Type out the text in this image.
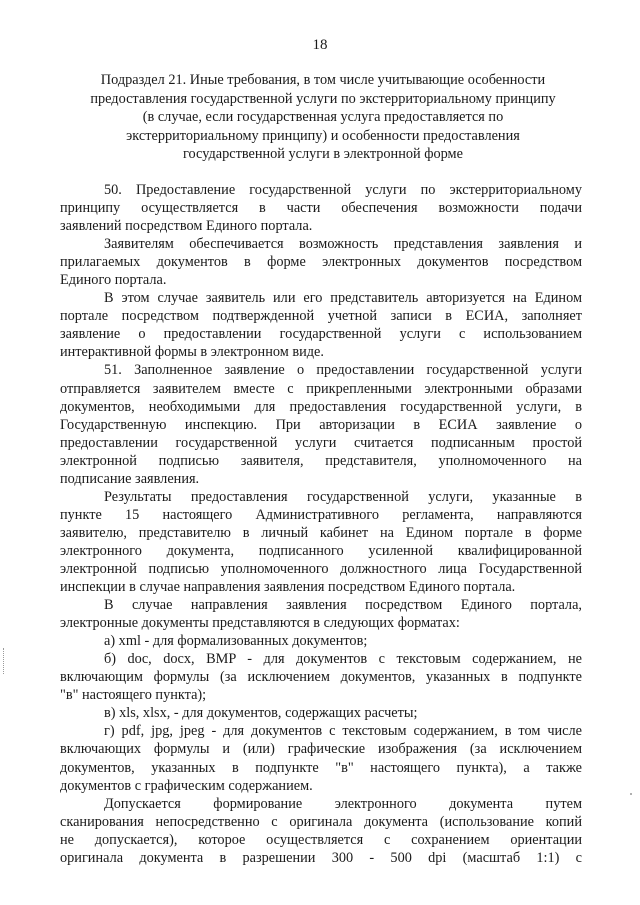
18
Подраздел 21. Иные требования, в том числе учитывающие особенности
предоставления государственной услуги по экстерриториальному принципу
(в случае, если государственная услуга предоставляется по
экстерриториальному принципу) и особенности предоставления
государственной услуги в электронной форме
50. Предоставление государственной услуги по экстерриториальному
принципу осуществляется в части обеспечения возможности подачи
заявлений посредством Единого портала.
Заявителям обеспечивается возможность представления заявления и
прилагаемых документов в форме электронных документов посредством
Единого портала.
В этом случае заявитель или его представитель авторизуется на Едином
портале посредством подтвержденной учетной записи в ЕСИА, заполняет
заявление о предоставлении государственной услуги с использованием
интерактивной формы в электронном виде.
51. Заполненное заявление о предоставлении государственной услуги
отправляется заявителем вместе с прикрепленными электронными образами
документов, необходимыми для предоставления государственной услуги, в
Государственную инспекцию. При авторизации в ЕСИА заявление о
предоставлении государственной услуги считается подписанным простой
электронной подписью заявителя, представителя, уполномоченного на
подписание заявления.
Результаты предоставления государственной услуги, указанные в
пункте 15 настоящего Административного регламента, направляются
заявителю, представителю в личный кабинет на Едином портале в форме
электронного документа, подписанного усиленной квалифицированной
электронной подписью уполномоченного должностного лица Государственной
инспекции в случае направления заявления посредством Единого портала.
В случае направления заявления посредством Единого портала,
электронные документы представляются в следующих форматах:
а) xml - для формализованных документов;
б) doc, docx, BMP - для документов с текстовым содержанием, не
включающим формулы (за исключением документов, указанных в подпункте
"в" настоящего пункта);
в) xls, xlsx, - для документов, содержащих расчеты;
г) pdf, jpg, jpeg - для документов с текстовым содержанием, в том числе
включающих формулы и (или) графические изображения (за исключением
документов, указанных в подпункте "в" настоящего пункта), а также
документов с графическим содержанием.
Допускается формирование электронного документа путем
сканирования непосредственно с оригинала документа (использование копий
не допускается), которое осуществляется с сохранением ориентации
оригинала документа в разрешении 300 - 500 dpi (масштаб 1:1) с
